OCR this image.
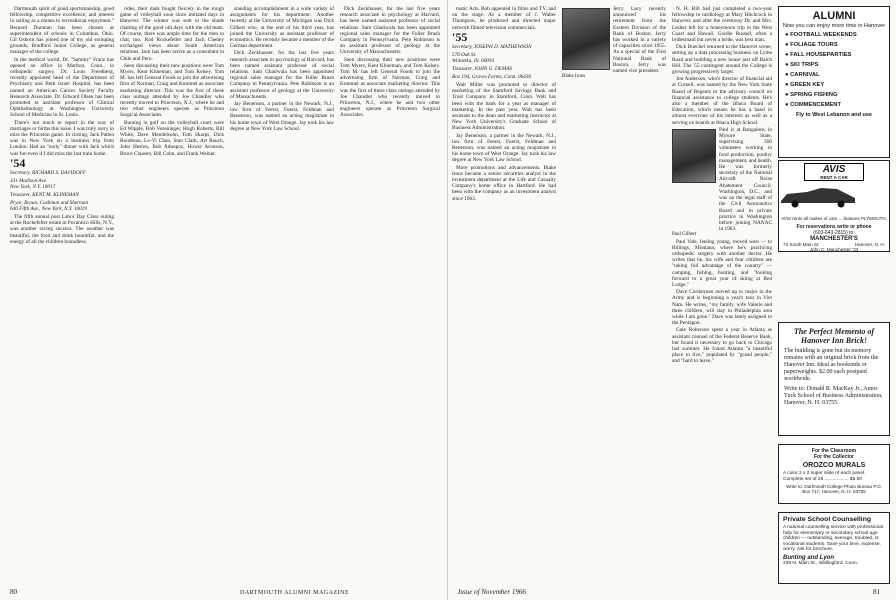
Dartmouth spirit of good sportsmanship, good fellowship, competitive excellence, and interest in sailing as a means to recreational enjoyment." Bernard Dunman has been chosen as superintendent of schools in Columbus, Ohio. Gil Osborn has joined one of my old stomping grounds, Bradford Junior College, as general manager of the college.

In the medical world, Dr. "Sammy" Franz has opened an office in Marlton, Conn., in orthopedic surgery. Dr. Louis Freedberg, recently appointed head of the Department of Psychiatry and Beth Israel Hospital, has been named an American Cancer Society Faculty Research Associate. Dr. Edward Olsen has been promoted to assistant professor of Clinical Ophthalmology at Washington University School of Medicine in St. Louis.

There's not much to report in the way of marriages or births this issue. I was truly sorry to miss the Princeton game. In closing, Jack Patten was in New York on a business trip from London. Had an "early" dinner with Jack which was fun even if I did miss the last train home.

'54
Secretary, RICHARD S. DAVIDOFF
331 Madison Ave.
New York, N.Y. 10017
Treasurer, KENT M. KLINEMAN
Pryor, Braun, Cashman and Sherman
640 Fifth Ave., New York, N.Y. 10019

The fifth annual post Labor Day Class outing at the Rockefeller estate in Pocantico Hills, N.Y., was another raving success. The weather was beautiful, the food and drink bountiful, and the energy of all the children boundless.

rides, their dads fought fiercely in the rough game of volleyball soon since imitated days in Hanover. The winner was sent to the shade chatting of the good old days with the old team. Of course, there was ample time for the men to chat, too. Rod Rockefeller and Jack Chehey exchanged views about South American relations. Jack has been active as a consultant in Chile and Peru.

Seen discussing their new positions were Tom Myers, Kent Klineman, and Tom Kelsey. Tom M. has left General Foods to join the advertising firm of Norman, Craig and Kummel as associate marketing director. This was the first of these class outings attended by Joe Chandler who recently moved to Princeton, N.J., where he and two other engineers operate as Princeton Surgical Associates.

Bunting in golf on the volleyball court were Ed Wipple, Bob Vezeninger, Hugh Roberts, Bill White, Dave Mendelsohn, Tom Sharps, Dick Boudreau, Lo-Yi Chan, Stan Clark, Art Rauch, John Heston, Bob Adnopoz, Howie Aronson, Bruce Clausen, Bill Cohn, and Frank Weiner.

standing accomplishment in a wide variety of assignments for his department. Another recently at the University of Michigan was Dick Gilbert who, at the end of his third year, has joined the University as assistant professor of economics. He recently became a member of the German department.

Dick Zeckhauser, for the last five years research associate in psychology at Harvard, has been named assistant professor of social relations. Sam Ghatiwala has been appointed regional sales manager for the Fuller Brush Company in Pennsylvania. Pete Robinson is an assistant professor of geology at the University of Massachusetts.

Jay Benenson, a partner in the Newark, N.J., law firm of Feerst, Fuerst, Feldman and Benenson, was named an acting magistrate in his home town of West Orange. Jay took his law degree at New York Law School.

Dick Zeckhauser, for the last five years research associate in psychology at Harvard, has been named assistant professor of social relations. Sam Ghatiwala has been appointed regional sales manager for the Fuller Brush Company in Pennsylvania. Pete Robinson is an assistant professor of geology at the University of Massachusetts.

Seen discussing their new positions were Tom Myers, Kent Klineman, and Tom Kelsey. Tom M. has left General Foods to join the advertising firm of Norman, Craig and Kummel as associate marketing director. This was the first of these class outings attended by Joe Chandler who recently moved to Princeton, N.J., where he and two other engineers operate as Princeton Surgical Associates.

80	DARTMOUTH ALUMNI MAGAZINE

matic Arts, Bob appeared in films and TV, and on the stage. As a member of J. Walter Thompson, he produced and directed major network filmed television commercials.

'55
Secretary, JOSEPH D. MATHEWSON
576 Oak St.
Winnetka, Ill. 60093
Treasurer, JOHN G. DEMAS
Box 194, Graves Farms, Conn. 06436

Walt Miller was promoted to director of marketing of the Stamford Savings Bank and Trust Company in Stamford, Conn. Walt has been with the bank for a year as manager of marketing. In the past year, Walt has been assistant to the dean and marketing instructor at New York University's Graduate School of Business Administration.

Jay Benenson, a partner in the Newark, N.J., law firm of Feerst, Fuerst, Feldman and Benenson, was named an acting magistrate in his home town of West Orange. Jay took his law degree at New York Law School.

More promotions and advancements. Blake Irons became a senior securities analyst in the investment department at the Life and Casualty Company's home office in Hartford. He had been with the company as an investment analyst since 1963.

Jerry Lacy recently announced his retirement from the Eastern Division of the Bank of Boston. Jerry has worked in a variety of capacities since 1955. As a special of the First National Bank of Boston, Jerry was named vice president.
Blake Irons

N. H. Bill had just completed a two-year fellowship in cardiology at Mary Hitchcock in Hanover, and after the ceremony Dr. and Mrs. Lesher left for a honeymoon trip to the West Coast and Hawaii. Gordie Russell, often a bridesmaid but never a bride, was best man.

Dick Buechel returned to the Hanover scene, setting up a data processing business on Lyme Road and building a new house just off Balch Hill. The '55 contingent around the College is growing progressively larger.

Jon Anderson, who's director of financial aid at Cornell, was named by the New York State Board of Regents to the advisory council on financial assistance to college students. He's also a member of the Ithaca Board of Education, which means he has a hand in almost everyone of his interests as well as a serving on boards at Ithaca High School.

Paul is at Bangalore, in Mysore State, supervising 300 volunteers working in food production, poultry management, and health. He was formerly secretary of the National Aircraft Noise Abatement Council. Washington, D.C., and was on the legal staff of the Civil Aeronautics Board and in private practice in Washington before joining NANAC in 1963.
Paul Gilbert

Paul Vale, feeling young, moved west — to Billings, Montana, where he's practicing orthopedic surgery with another doctor. He writes that he, his wife and four children are "taking full advantage of the country" — camping, fishing, hunting, and "looking forward to a great year of skiing at Red Lodge."

Dave Cordorman moved up to major in the Army and is beginning a year's tour in Viet Nam. He writes, "my family, wife Valerie and three children, will stay in Philadelphia area while I am gone." Dave was lately assigned to the Pentagon.

Gale Roberson spent a year in Atlanta as assistant counsel of the Federal Reserve Bank, but found it necessary to go back to Chicago last summer. He found Atlanta "a beautiful place to live," populated by "grand people," and "hard to leave."

ALUMNI
Now you can enjoy more time in Hanover
● FOOTBALL WEEKENDS
● FOLIAGE TOURS
● FALL HOUSEPARTIES
● SKI TRIPS
● CARNIVAL
● GREEN KEY
● SPRING FISHING
● COMMENCEMENT
Fly to West Lebanon and use
AVIS
RENT A CAR
AVIS rents all makes of cars ... features PLYMOUTH.
For reservations write or phone
(603-643-2815) to:
MANCHESTER'S
73 South Main St.	Hanover, N. H.
John C. Manchester '33
The Perfect Memento of Hanover Inn Brick!
The building is gone but its memory remains with an original brick from the Hanover Inn. Ideal as bookends or paperweights. $2.00 each postpaid worldwide.
Write to: Donald R. MacKay Jr., Amos Tuck School of Business Administration, Hanover, N. H. 03755.
For the Classroom
For the Collector
OROZCO MURALS
A color 2 x 2 super slide of each panel. Complete set of 26 .................. $5.00
Write to: Dartmouth College Photo Bureau P.O. Box 717, Hanover, N. H. 03755
Private School Counselling
A national counselling service with professional help for elementary or secondary school age children — outstanding, average, troubled, or vocational students. Save your time, expense, worry. Ask for brochure.
Bunting and Lyon
238 N. Main St., Wallingford, Conn.
Issue of November 1966	81
